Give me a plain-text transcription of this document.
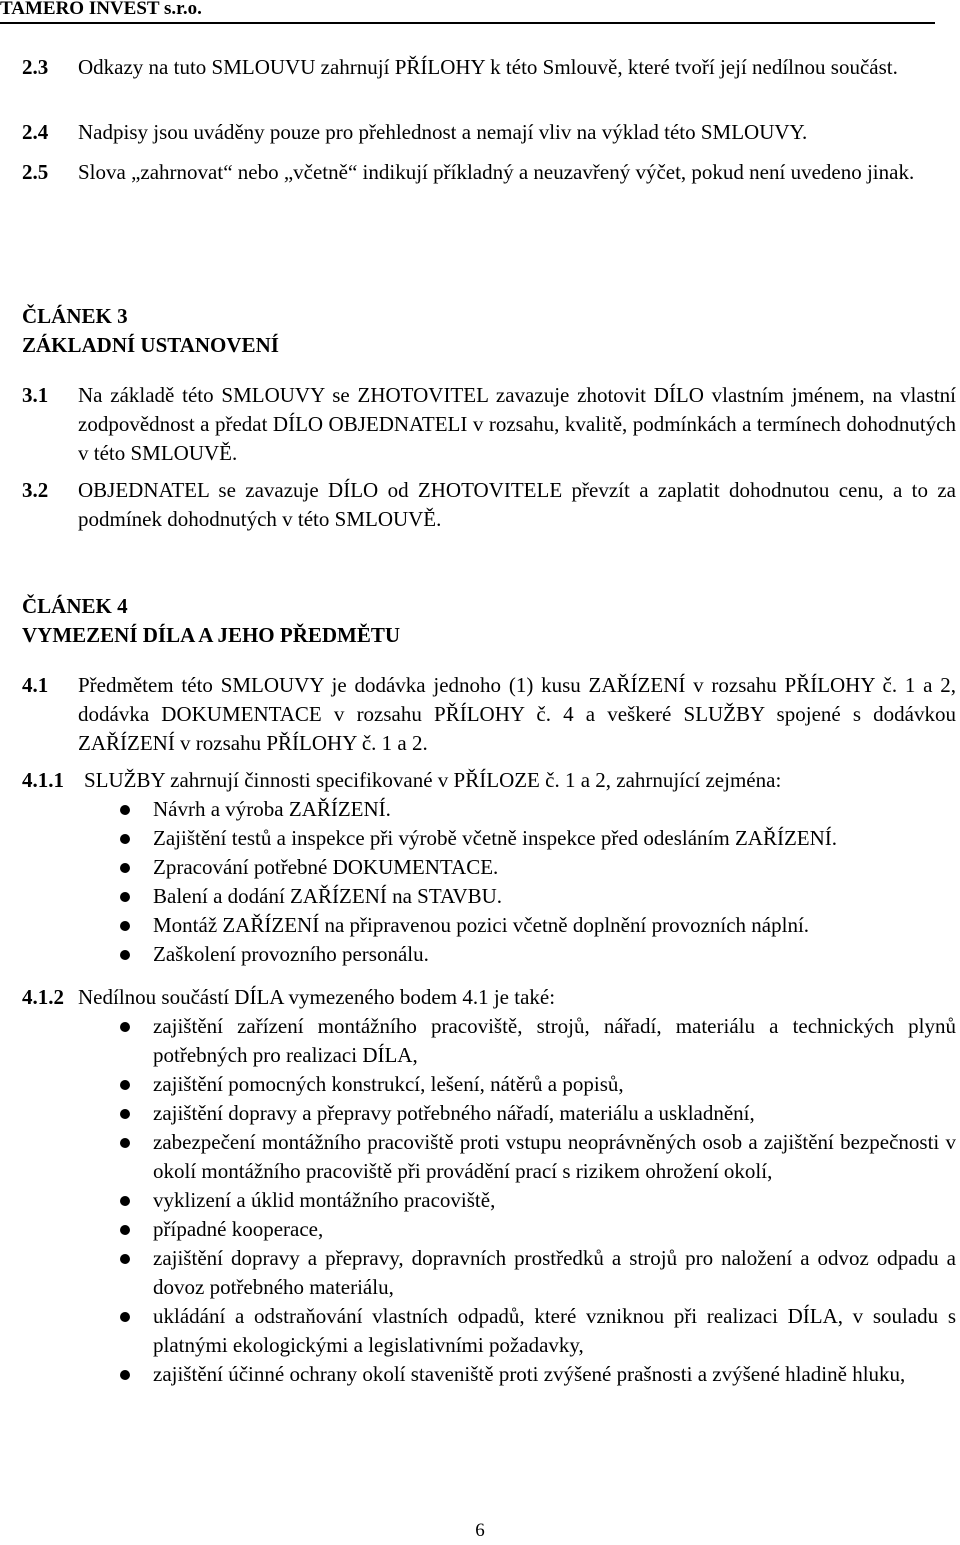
TAMERO INVEST s.r.o.
2.3 Odkazy na tuto SMLOUVU zahrnují PŘÍLOHY k této Smlouvě, které tvoří její nedílnou součást.
2.4 Nadpisy jsou uváděny pouze pro přehlednost a nemají vliv na výklad této SMLOUVY.
2.5 Slova „zahrnovat“ nebo „včetně“ indikují příkladný a neuzavřený výčet, pokud není uvedeno jinak.
ČLÁNEK 3
ZÁKLADNÍ USTANOVENÍ
3.1 Na základě této SMLOUVY se ZHOTOVITEL zavazuje zhotovit DÍLO vlastním jménem, na vlastní zodpovědnost a předat DÍLO OBJEDNATELI v rozsahu, kvalitě, podmínkách a termínech dohodnutých v této SMLOUVĚ.
3.2 OBJEDNATEL se zavazuje DÍLO od ZHOTOVITELE převzít a zaplatit dohodnutou cenu, a to za podmínek dohodnutých v této SMLOUVĚ.
ČLÁNEK 4
VYMEZENÍ DÍLA A JEHO PŘEDMĚTU
4.1 Předmětem této SMLOUVY je dodávka jednoho (1) kusu ZAŘÍZENÍ v rozsahu PŘÍLOHY č. 1 a 2, dodávka DOKUMENTACE v rozsahu PŘÍLOHY č. 4 a veškeré SLUŽBY spojené s dodávkou ZAŘÍZENÍ v rozsahu PŘÍLOHY č. 1 a 2.
4.1.1 SLUŽBY zahrnují činnosti specifikované v PŘÍLOZE č. 1 a 2, zahrnující zejména:
Návrh a výroba ZAŘÍZENÍ.
Zajištění testů a inspekce při výrobě včetně inspekce před odesláním ZAŘÍZENÍ.
Zpracování potřebné DOKUMENTACE.
Balení a dodání ZAŘÍZENÍ na STAVBU.
Montáž ZAŘÍZENÍ na připravenou pozici včetně doplnění provozních náplní.
Zaškolení provozního personálu.
4.1.2 Nedílnou součástí DÍLA vymezeného bodem 4.1 je také:
zajištění zařízení montážního pracoviště, strojů, nářadí, materiálu a technických plynů potřebných pro realizaci DÍLA,
zajištění pomocných konstrukcí, lešení, nátěrů a popisů,
zajištění dopravy a přepravy potřebného nářadí, materiálu a uskladnění,
zabezpečení montážního pracoviště proti vstupu neoprávněných osob a zajištění bezpečnosti v okolí montážního pracoviště při provádění prací s rizikem ohrožení okolí,
vyklizení a úklid montážního pracoviště,
případné kooperace,
zajištění dopravy a přepravy, dopravních prostředků a strojů pro naložení a odvoz odpadu a dovoz potřebného materiálu,
ukládání a odstraňování vlastních odpadů, které vzniknou při realizaci DÍLA, v souladu s platnými ekologickými a legislativními požadavky,
zajištění účinné ochrany okolí staveniště proti zvýšené prašnosti a zvýšené hladině hluku,
6
